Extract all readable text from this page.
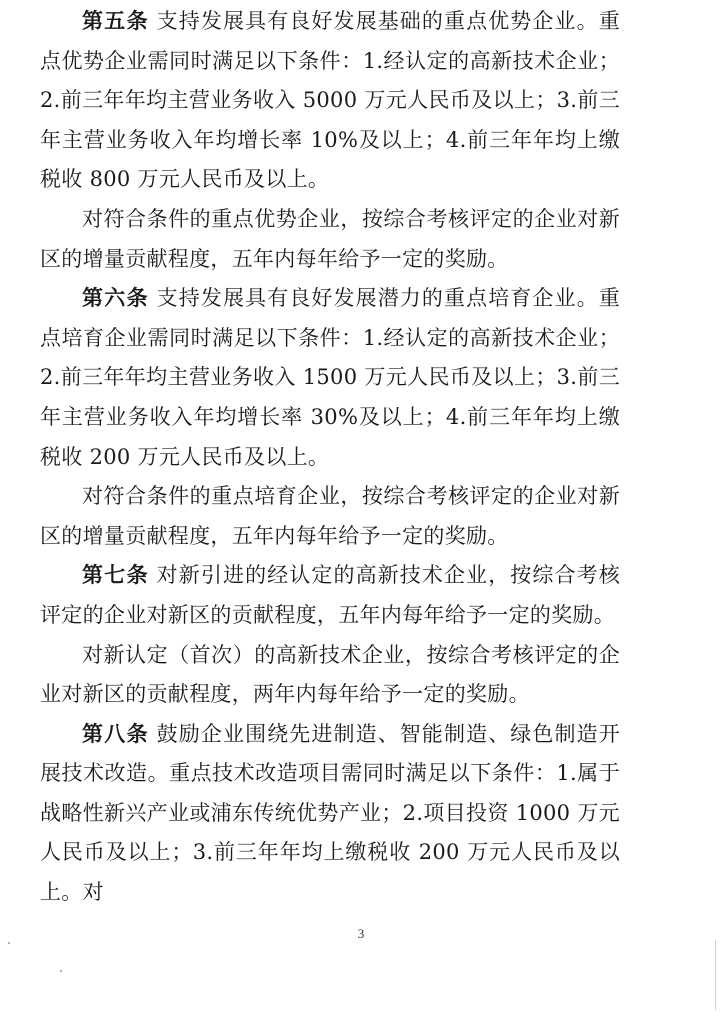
第五条 支持发展具有良好发展基础的重点优势企业。重点优势企业需同时满足以下条件：1.经认定的高新技术企业；2.前三年年均主营业务收入 5000 万元人民币及以上；3.前三年主营业务收入年均增长率 10%及以上；4.前三年年均上缴税收 800 万元人民币及以上。

对符合条件的重点优势企业，按综合考核评定的企业对新区的增量贡献程度，五年内每年给予一定的奖励。

第六条 支持发展具有良好发展潜力的重点培育企业。重点培育企业需同时满足以下条件：1.经认定的高新技术企业；2.前三年年均主营业务收入 1500 万元人民币及以上；3.前三年主营业务收入年均增长率 30%及以上；4.前三年年均上缴税收 200 万元人民币及以上。

对符合条件的重点培育企业，按综合考核评定的企业对新区的增量贡献程度，五年内每年给予一定的奖励。

第七条 对新引进的经认定的高新技术企业，按综合考核评定的企业对新区的贡献程度，五年内每年给予一定的奖励。

对新认定（首次）的高新技术企业，按综合考核评定的企业对新区的贡献程度，两年内每年给予一定的奖励。

第八条 鼓励企业围绕先进制造、智能制造、绿色制造开展技术改造。重点技术改造项目需同时满足以下条件：1.属于战略性新兴产业或浦东传统优势产业；2.项目投资 1000 万元人民币及以上；3.前三年年均上缴税收 200 万元人民币及以上。对

3
